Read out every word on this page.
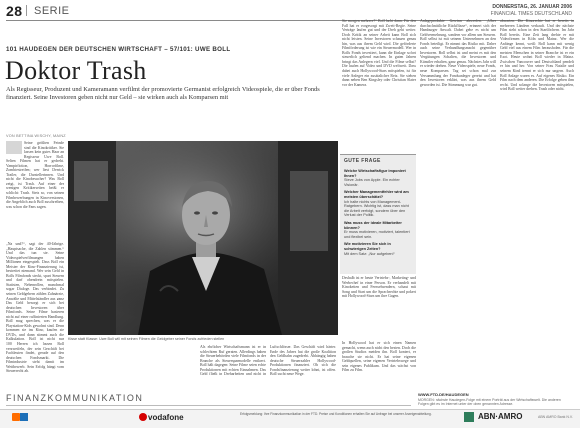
28 SERIE	DONNERSTAG, 26. JANUAR 2006
FINANCIAL TIMES DEUTSCHLAND
101 HAUDEGEN DER DEUTSCHEN WIRTSCHAFT – 57/101: UWE BOLL
Doktor Trash
Als Regisseur, Produzent und Kameramann verfilmt der promovierte Germanist erfolgreich Videospiele, die er über Fonds finanziert. Seine Investoren geben nicht nur Geld – sie wirken auch als Komparsen mit
VON BETTINA WISCHY, MAINZ
Seine größten Feinde sind die Kinokritiker. Sie lassen kein gutes Haar an Regisseur Uwe Boll. Selten Filmen hat er gedreht. Vampirfiction, Horrorfilme, Zombiestreifen; wer liest Derrick Trailer, die Darstellerinnen. Und nicht die Kinobesucher? Was Boll zeigt, ist Trash. Auf einer der wenigen Kritikerseiten heißt er schlicht: Trash. Stets so, von seinen Filmbewerbungen in Kinoversionen, die Angeblich auch Boll zuschreiben, was schon die Fans sagen.
„Na und?“, sagt der 40-Jährige. „Hauptsache, die Zahlen stimmen.“ Und das tun sie. Seine Videospielverfilmungen haben Millionen eingespielt. Dass Boll ein Meister der Kino-Finanzierung ist, bestreitet niemand. Wer sein Geld in Bolls Filmfonds steckt, spart Steuern und darf obendrein mitspielen. Statisten, Nebenrollen, manchmal sogar Dialoge. Das verbindet. Zu seinen Geldgebern zählen Zahnärzte, Anwälte und Mittelständler aus ganz
Das Geld besorgt er sich bei deutschen Investoren über Filmfonds. Seine Filme basieren nicht auf einer raffinierten Handlung. Boll mag sprechen, was er die Playstation-Kids gewohnt sind. Denn kommen sie ins Kino, kaufen sie DVDs, und dann stimmt auch die Kalkulation. Boll ist nicht nur
100 Herren ich lassen Boll verzweifeln, der sein Geschäft bei Fachleuten findet, gerade auf den deutschen Fondsmarkt. Die Filmindustrie steht damit im Wettbewerb. Sein Erfolg hängt vom Steuerrecht ab.
Kisse statt Klasse: Uwe Boll will mit seinen Filmen die Geldgeber seiner Fonds zufrieden stellen
Sie morgen mehrere?“ Boll lacht dann. Für den Fall hat er vorgesorgt mit Zweit-Regie. Seine Verträge laufen gut und der Dreh geht weiter. Doch Kritik an seiner Arbeit kann Boll sich nicht leisten. Seine Investoren schauen genau hin, was aus ihrem Geld wird. Die geförderte Filmförderung ist wie ein Steuermodell. Wer in Bolls Fonds investiert, kann die Einlage sofort steuerlich geltend machen. In guten Jahren bringt das Anlegern viel. Und die Filme selbst? Die laufen auf Video und DVD weltweit. Dass dabei auch Hollywood-Stars mitspielen, ist für viele Anleger ein zusätzlicher Reiz. Sie stehen dann neben Ben Kingsley oder Christian Slater vor der Kamera.
GUTE FRAGE
Welche Wirtschaftsfigur imponiert Ihnen?
Steve Jobs von Apple. Ein echter Visionär.
Welcher Managementfehler wird am meisten überschätzt?
Ich halte nichts von Management-Ratgebern. Wichtig ist, dass man nicht die Arbeit verfolgt, sondern über den Verlust der Politik.
Was muss der ideale Mitarbeiter können?
Er muss motivieren, motiviert, talentiert und flexibel sein.
Wie motivieren Sie sich in schwierigen Zeiten?
Mit dem Satz: „Nur aufgeben!“
Deshalb ist er heute Vertriebs-, Marketing- und Werbechef in einer Person. Er verhandelt mit Kinoketten und Fernsehsendern, schaut mit Song und Start um die Sprachrechte und pokert mit Hollywood-Stars um ihre Gagen.
In Hollywood hat er sich einen Namen gemacht, wenn auch nicht den besten. Doch die großen Studios meiden ihn. Boll kontert, er brauche sie nicht. Er hat seine eigenen Geldquellen, seine eigenen Vertriebswege und sein eigenes Publikum. Und das wächst von Film zu Film.
Als ehrlicher Wirtschaftsmann ist er in schlechtem Ruf geraten. Allerdings haben die Steuerbehörden viele Filmfonds in der Branche als Steuersparmodelle entlarvt. Boll hält dagegen: Seine Filme seien echte Produktionen mit echten Einnahmen. Das Geld fließt in Dreharbeiten und nicht in Luftschlösser. Das Geschäft wird härter. Ende des Jahres hat die große Koalition den Geldhahn zugedreht. Abhängig haben deutsche Steuerzahler Hollywood-Produktionen finanziert. Ob sich die Fondsfinanzierung weiter lohnt, ist offen. Boll sucht neue Wege.
Anlageprodukte Gewinn abwerfen. „Über durchschnittliche Rückflüsse“, erinnert sich der Hamburger Anwalt. Dabei gehe es nicht um Geldvermehrung, sondern vor allem um Steuern. Boll selbst ist mit seinem Unternehmen an den Fonds beteiligt. Er nimmt das Risiko mit. Daher auch seine Verhandlungsmacht gegenüber Investoren. Boll selbst ist und meint es mit den Vergütungen Schalten, die Investoren und Künstler erhalten, ganz genau. Nächstes Jahr will er wieder drehen. Neue Videospiele, neue Fonds, neue Komparsen. Tag sei schon mal zur Versammlung der Fondsanleger gereist und hat den Investoren erklärt, was aus ihrem Geld geworden ist. Die Stimmung war gut.
abwarten. Die Kinorechte hat er bereits in mehreren Ländern verkauft. Und der nächste Film steht schon in den Startlöchern. Im Jahr Boll bereits. Eine Zeit lang drehte er mit Videofirmen in Köln und Mainz. Wer die Anfänge kennt, weiß: Boll kann mit wenig Geld viel aus einem Film herausholen. Für die meisten Menschen in seiner Branche ist er ein Exot. Heute wohnt Boll wieder in Mainz. Zwischen Vancouver und Deutschland pendelt er hin und her. Von seiner Frau Natalie und seinem Kind trennt er sich nur ungern. Auch Boll Anlage waren es. Auf eigenes Risiko. Ein Film nach dem anderen. Die Erfolge geben ihm recht. Und solange die Investoren mitspielen, wird Boll weiter drehen. Trash oder nicht.
WWW.FTD.DE/HAUDEGEN
MORGEN: nächste Haudegen-Folge mit einem Porträt aus der Wirtschaftswelt. Die anderen Folgen gibt es im Internet unter der oben genannten Adresse.
FINANZKOMMUNIKATION
vodafone	Erfolgsmeldung: Ihre Finanzkommunikation in der FTD. Preise und Konditionen erhalten Sie auf Anfrage bei unserer Anzeigenabteilung.	ABN·AMRO	ABN AMRO Bank N.V.
